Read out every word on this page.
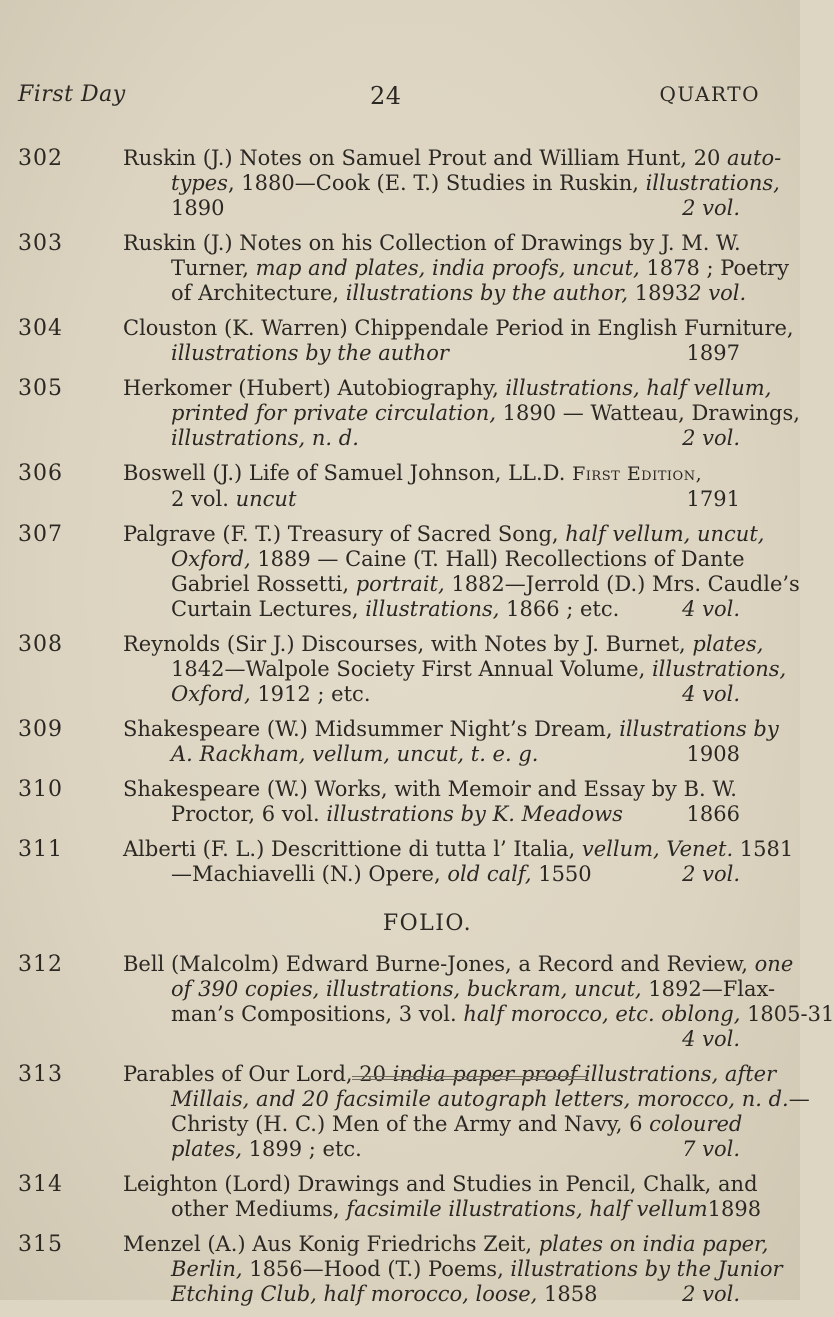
First Day	24	QUARTO
302	Ruskin (J.) Notes on Samuel Prout and William Hunt, 20 auto-
types, 1880—Cook (E. T.) Studies in Ruskin, illustrations,
1890	2 vol.
303	Ruskin (J.) Notes on his Collection of Drawings by J. M. W.
Turner, map and plates, india proofs, uncut, 1878 ; Poetry
of Architecture, illustrations by the author, 1893 2 vol.
304	Clouston (K. Warren) Chippendale Period in English Furniture,
illustrations by the author	1897
305	Herkomer (Hubert) Autobiography, illustrations, half vellum,
printed for private circulation, 1890 — Watteau, Drawings,
illustrations, n. d.	2 vol.
306	Boswell (J.) Life of Samuel Johnson, LL.D. First Edition,
2 vol. uncut	1791
307	Palgrave (F. T.) Treasury of Sacred Song, half vellum, uncut,
Oxford, 1889 — Caine (T. Hall) Recollections of Dante
Gabriel Rossetti, portrait, 1882—Jerrold (D.) Mrs. Caudle’s
Curtain Lectures, illustrations, 1866 ; etc.	4 vol.
308	Reynolds (Sir J.) Discourses, with Notes by J. Burnet, plates,
1842—Walpole Society First Annual Volume, illustrations,
Oxford, 1912 ; etc.	4 vol.
309	Shakespeare (W.) Midsummer Night’s Dream, illustrations by
A. Rackham, vellum, uncut, t. e. g.	1908
310	Shakespeare (W.) Works, with Memoir and Essay by B. W.
Proctor, 6 vol. illustrations by K. Meadows	1866
311	Alberti (F. L.) Descrittione di tutta l’ Italia, vellum, Venet. 1581
—Machiavelli (N.) Opere, old calf, 1550	2 vol.
FOLIO.
312	Bell (Malcolm) Edward Burne-Jones, a Record and Review, one
of 390 copies, illustrations, buckram, uncut, 1892—Flax-
man’s Compositions, 3 vol. half morocco, etc. oblong, 1805-31
4 vol.
313	Parables of Our Lord, 20 india paper proof illustrations, after
Millais, and 20 facsimile autograph letters, morocco, n. d.—
Christy (H. C.) Men of the Army and Navy, 6 coloured
plates, 1899 ; etc.	7 vol.
314	Leighton (Lord) Drawings and Studies in Pencil, Chalk, and
other Mediums, facsimile illustrations, half vellum 1898
315	Menzel (A.) Aus Konig Friedrichs Zeit, plates on india paper,
Berlin, 1856—Hood (T.) Poems, illustrations by the Junior
Etching Club, half morocco, loose, 1858	2 vol.
